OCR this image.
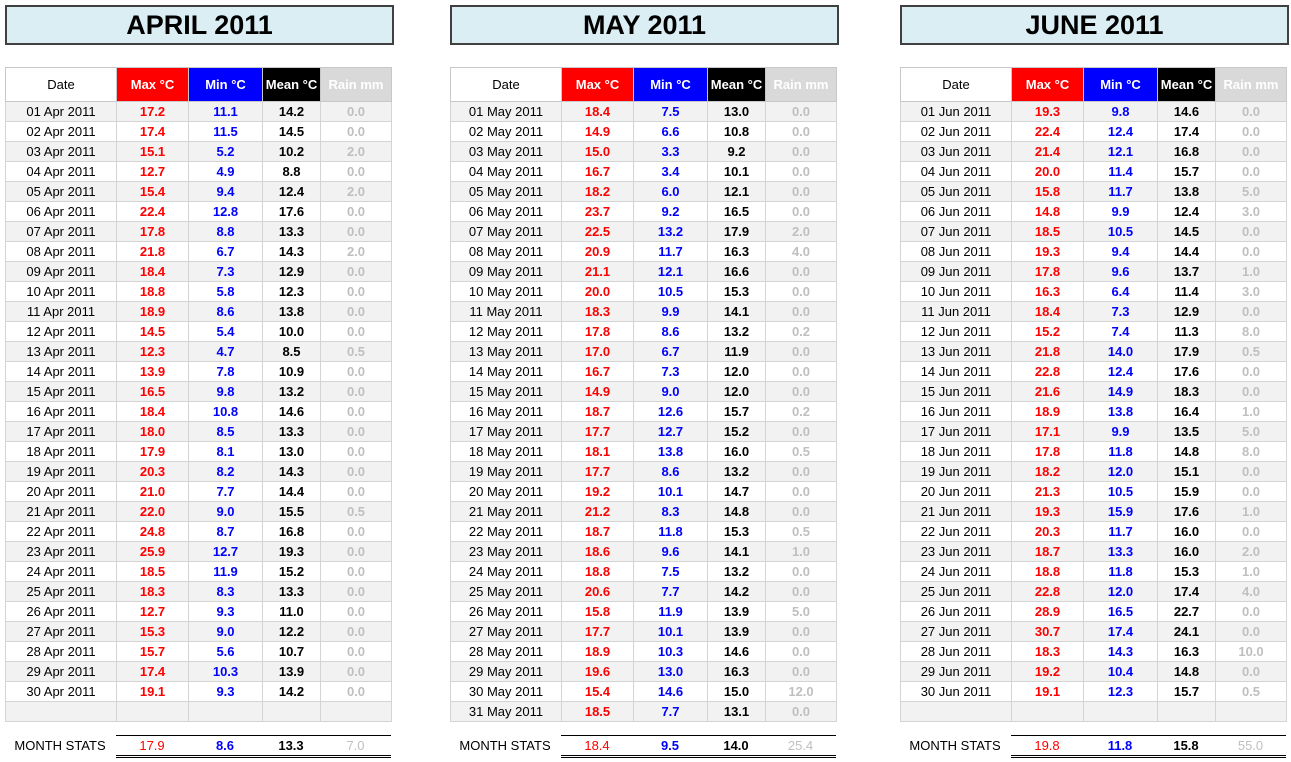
APRIL 2011
Date	Max °C	Min °C	Mean °C	Rain mm
01 Apr 2011	17.2	11.1	14.2	0.0
02 Apr 2011	17.4	11.5	14.5	0.0
03 Apr 2011	15.1	5.2	10.2	2.0
04 Apr 2011	12.7	4.9	8.8	0.0
05 Apr 2011	15.4	9.4	12.4	2.0
06 Apr 2011	22.4	12.8	17.6	0.0
07 Apr 2011	17.8	8.8	13.3	0.0
08 Apr 2011	21.8	6.7	14.3	2.0
09 Apr 2011	18.4	7.3	12.9	0.0
10 Apr 2011	18.8	5.8	12.3	0.0
11 Apr 2011	18.9	8.6	13.8	0.0
12 Apr 2011	14.5	5.4	10.0	0.0
13 Apr 2011	12.3	4.7	8.5	0.5
14 Apr 2011	13.9	7.8	10.9	0.0
15 Apr 2011	16.5	9.8	13.2	0.0
16 Apr 2011	18.4	10.8	14.6	0.0
17 Apr 2011	18.0	8.5	13.3	0.0
18 Apr 2011	17.9	8.1	13.0	0.0
19 Apr 2011	20.3	8.2	14.3	0.0
20 Apr 2011	21.0	7.7	14.4	0.0
21 Apr 2011	22.0	9.0	15.5	0.5
22 Apr 2011	24.8	8.7	16.8	0.0
23 Apr 2011	25.9	12.7	19.3	0.0
24 Apr 2011	18.5	11.9	15.2	0.0
25 Apr 2011	18.3	8.3	13.3	0.0
26 Apr 2011	12.7	9.3	11.0	0.0
27 Apr 2011	15.3	9.0	12.2	0.0
28 Apr 2011	15.7	5.6	10.7	0.0
29 Apr 2011	17.4	10.3	13.9	0.0
30 Apr 2011	19.1	9.3	14.2	0.0

MONTH STATS	17.9	8.6	13.3	7.0
MAY 2011
Date	Max °C	Min °C	Mean °C	Rain mm
01 May 2011	18.4	7.5	13.0	0.0
02 May 2011	14.9	6.6	10.8	0.0
03 May 2011	15.0	3.3	9.2	0.0
04 May 2011	16.7	3.4	10.1	0.0
05 May 2011	18.2	6.0	12.1	0.0
06 May 2011	23.7	9.2	16.5	0.0
07 May 2011	22.5	13.2	17.9	2.0
08 May 2011	20.9	11.7	16.3	4.0
09 May 2011	21.1	12.1	16.6	0.0
10 May 2011	20.0	10.5	15.3	0.0
11 May 2011	18.3	9.9	14.1	0.0
12 May 2011	17.8	8.6	13.2	0.2
13 May 2011	17.0	6.7	11.9	0.0
14 May 2011	16.7	7.3	12.0	0.0
15 May 2011	14.9	9.0	12.0	0.0
16 May 2011	18.7	12.6	15.7	0.2
17 May 2011	17.7	12.7	15.2	0.0
18 May 2011	18.1	13.8	16.0	0.5
19 May 2011	17.7	8.6	13.2	0.0
20 May 2011	19.2	10.1	14.7	0.0
21 May 2011	21.2	8.3	14.8	0.0
22 May 2011	18.7	11.8	15.3	0.5
23 May 2011	18.6	9.6	14.1	1.0
24 May 2011	18.8	7.5	13.2	0.0
25 May 2011	20.6	7.7	14.2	0.0
26 May 2011	15.8	11.9	13.9	5.0
27 May 2011	17.7	10.1	13.9	0.0
28 May 2011	18.9	10.3	14.6	0.0
29 May 2011	19.6	13.0	16.3	0.0
30 May 2011	15.4	14.6	15.0	12.0
31 May 2011	18.5	7.7	13.1	0.0
MONTH STATS	18.4	9.5	14.0	25.4
JUNE 2011
Date	Max °C	Min °C	Mean °C	Rain mm
01 Jun 2011	19.3	9.8	14.6	0.0
02 Jun 2011	22.4	12.4	17.4	0.0
03 Jun 2011	21.4	12.1	16.8	0.0
04 Jun 2011	20.0	11.4	15.7	0.0
05 Jun 2011	15.8	11.7	13.8	5.0
06 Jun 2011	14.8	9.9	12.4	3.0
07 Jun 2011	18.5	10.5	14.5	0.0
08 Jun 2011	19.3	9.4	14.4	0.0
09 Jun 2011	17.8	9.6	13.7	1.0
10 Jun 2011	16.3	6.4	11.4	3.0
11 Jun 2011	18.4	7.3	12.9	0.0
12 Jun 2011	15.2	7.4	11.3	8.0
13 Jun 2011	21.8	14.0	17.9	0.5
14 Jun 2011	22.8	12.4	17.6	0.0
15 Jun 2011	21.6	14.9	18.3	0.0
16 Jun 2011	18.9	13.8	16.4	1.0
17 Jun 2011	17.1	9.9	13.5	5.0
18 Jun 2011	17.8	11.8	14.8	8.0
19 Jun 2011	18.2	12.0	15.1	0.0
20 Jun 2011	21.3	10.5	15.9	0.0
21 Jun 2011	19.3	15.9	17.6	1.0
22 Jun 2011	20.3	11.7	16.0	0.0
23 Jun 2011	18.7	13.3	16.0	2.0
24 Jun 2011	18.8	11.8	15.3	1.0
25 Jun 2011	22.8	12.0	17.4	4.0
26 Jun 2011	28.9	16.5	22.7	0.0
27 Jun 2011	30.7	17.4	24.1	0.0
28 Jun 2011	18.3	14.3	16.3	10.0
29 Jun 2011	19.2	10.4	14.8	0.0
30 Jun 2011	19.1	12.3	15.7	0.5

MONTH STATS	19.8	11.8	15.8	55.0
